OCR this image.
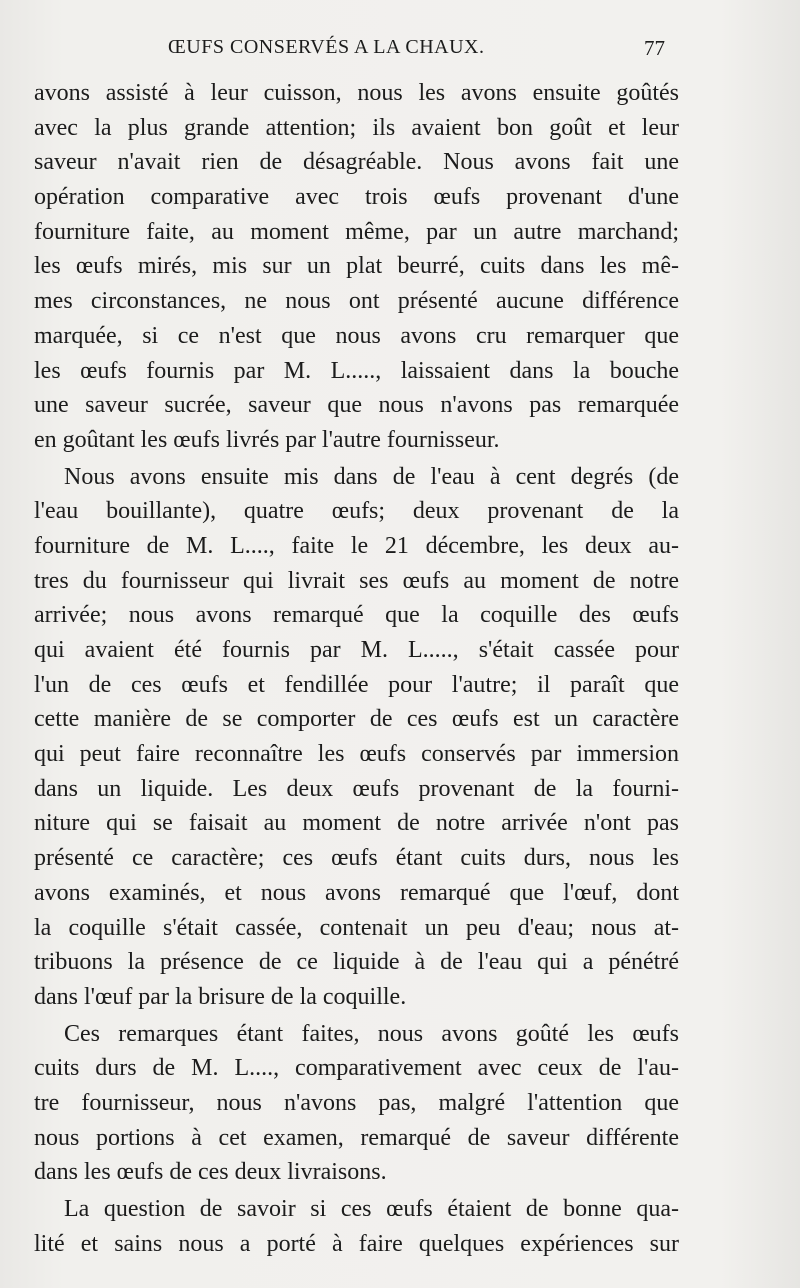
ŒUFS CONSERVÉS A LA CHAUX.	77
avons assisté à leur cuisson, nous les avons ensuite goûtés
avec la plus grande attention; ils avaient bon goût et leur
saveur n'avait rien de désagréable. Nous avons fait une
opération comparative avec trois œufs provenant d'une
fourniture faite, au moment même, par un autre marchand;
les œufs mirés, mis sur un plat beurré, cuits dans les mê-
mes circonstances, ne nous ont présenté aucune différence
marquée, si ce n'est que nous avons cru remarquer que
les œufs fournis par M. L....., laissaient dans la bouche
une saveur sucrée, saveur que nous n'avons pas remarquée
en goûtant les œufs livrés par l'autre fournisseur.
Nous avons ensuite mis dans de l'eau à cent degrés (de
l'eau bouillante), quatre œufs; deux provenant de la
fourniture de M. L...., faite le 21 décembre, les deux au-
tres du fournisseur qui livrait ses œufs au moment de notre
arrivée; nous avons remarqué que la coquille des œufs
qui avaient été fournis par M. L....., s'était cassée pour
l'un de ces œufs et fendillée pour l'autre; il paraît que
cette manière de se comporter de ces œufs est un caractère
qui peut faire reconnaître les œufs conservés par immersion
dans un liquide. Les deux œufs provenant de la fourni-
niture qui se faisait au moment de notre arrivée n'ont pas
présenté ce caractère; ces œufs étant cuits durs, nous les
avons examinés, et nous avons remarqué que l'œuf, dont
la coquille s'était cassée, contenait un peu d'eau; nous at-
tribuons la présence de ce liquide à de l'eau qui a pénétré
dans l'œuf par la brisure de la coquille.
Ces remarques étant faites, nous avons goûté les œufs
cuits durs de M. L...., comparativement avec ceux de l'au-
tre fournisseur, nous n'avons pas, malgré l'attention que
nous portions à cet examen, remarqué de saveur différente
dans les œufs de ces deux livraisons.
La question de savoir si ces œufs étaient de bonne qua-
lité et sains nous a porté à faire quelques expériences sur
